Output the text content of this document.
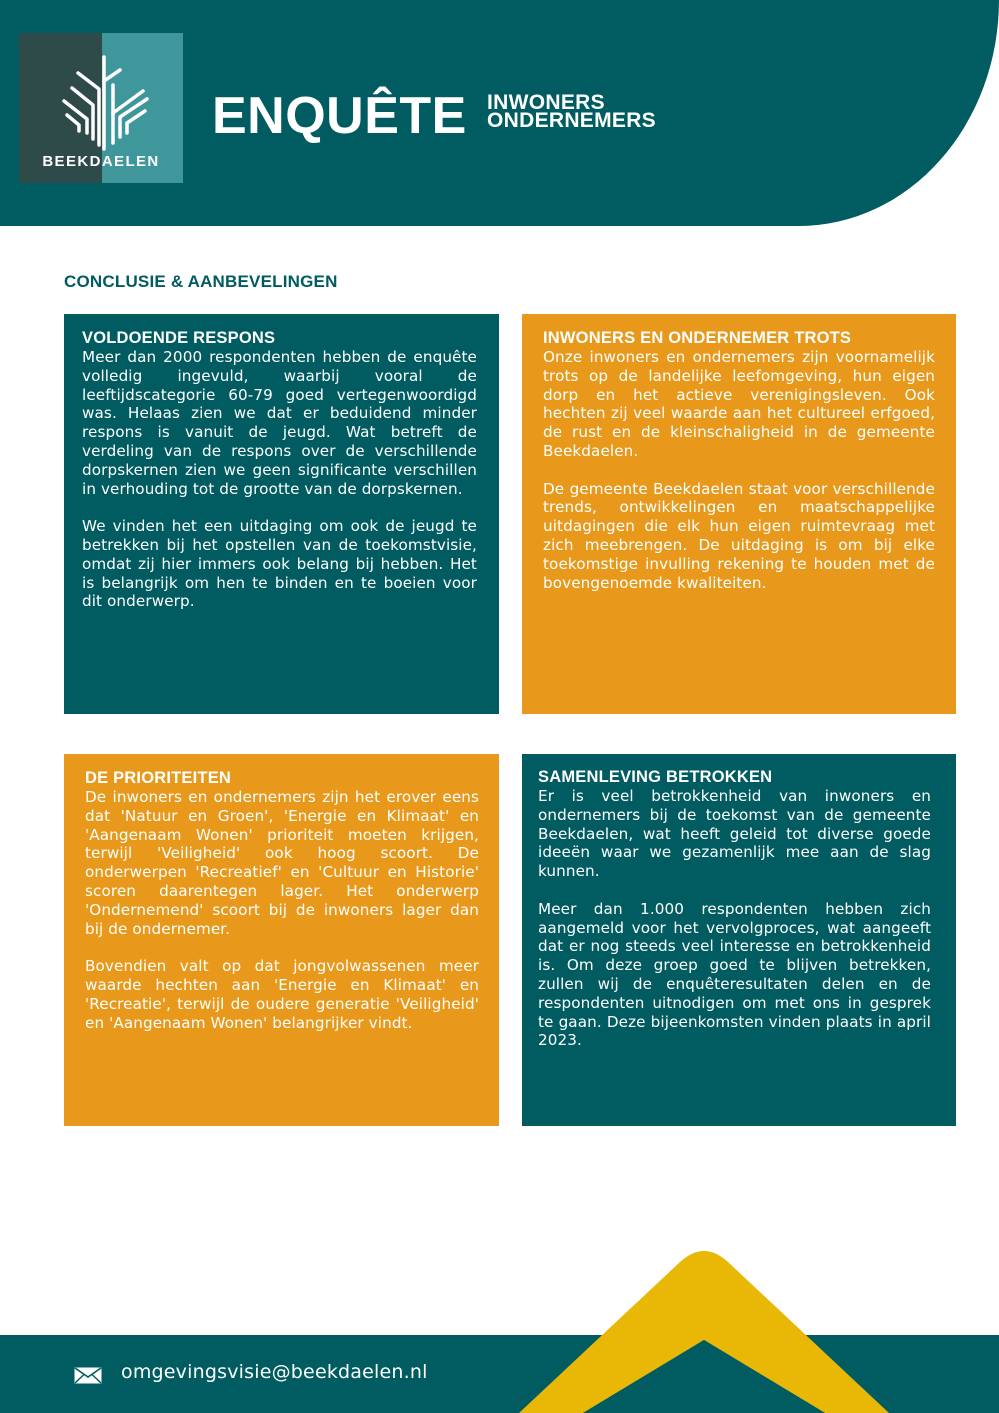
BEEKDAELEN
ENQUÊTE INWONERS
ONDERNEMERS
CONCLUSIE & AANBEVELINGEN
VOLDOENDE RESPONS

Meer dan 2000 respondenten hebben de enquête volledig ingevuld, waarbij vooral de leeftijdscategorie 60-79 goed vertegenwoordigd was. Helaas zien we dat er beduidend minder respons is vanuit de jeugd. Wat betreft de verdeling van de respons over de verschillende dorpskernen zien we geen significante verschillen in verhouding tot de grootte van de dorpskernen.

We vinden het een uitdaging om ook de jeugd te betrekken bij het opstellen van de toekomstvisie, omdat zij hier immers ook belang bij hebben. Het is belangrijk om hen te binden en te boeien voor dit onderwerp.

INWONERS EN ONDERNEMER TROTS

Onze inwoners en ondernemers zijn voornamelijk trots op de landelijke leefomgeving, hun eigen dorp en het actieve verenigingsleven. Ook hechten zij veel waarde aan het cultureel erfgoed, de rust en de kleinschaligheid in de gemeente Beekdaelen.

De gemeente Beekdaelen staat voor verschillende trends, ontwikkelingen en maatschappelijke uitdagingen die elk hun eigen ruimtevraag met zich meebrengen. De uitdaging is om bij elke toekomstige invulling rekening te houden met de bovengenoemde kwaliteiten.

DE PRIORITEITEN

De inwoners en ondernemers zijn het erover eens dat 'Natuur en Groen', 'Energie en Klimaat' en 'Aangenaam Wonen' prioriteit moeten krijgen, terwijl 'Veiligheid' ook hoog scoort. De onderwerpen 'Recreatief' en 'Cultuur en Historie' scoren daarentegen lager. Het onderwerp 'Ondernemend' scoort bij de inwoners lager dan bij de ondernemer.

Bovendien valt op dat jongvolwassenen meer waarde hechten aan 'Energie en Klimaat' en 'Recreatie', terwijl de oudere generatie 'Veiligheid' en 'Aangenaam Wonen' belangrijker vindt.

SAMENLEVING BETROKKEN

Er is veel betrokkenheid van inwoners en ondernemers bij de toekomst van de gemeente Beekdaelen, wat heeft geleid tot diverse goede ideeën waar we gezamenlijk mee aan de slag kunnen.

Meer dan 1.000 respondenten hebben zich aangemeld voor het vervolgproces, wat aangeeft dat er nog steeds veel interesse en betrokkenheid is. Om deze groep goed te blijven betrekken, zullen wij de enquêteresultaten delen en de respondenten uitnodigen om met ons in gesprek te gaan. Deze bijeenkomsten vinden plaats in april 2023.

omgevingsvisie@beekdaelen.nl
